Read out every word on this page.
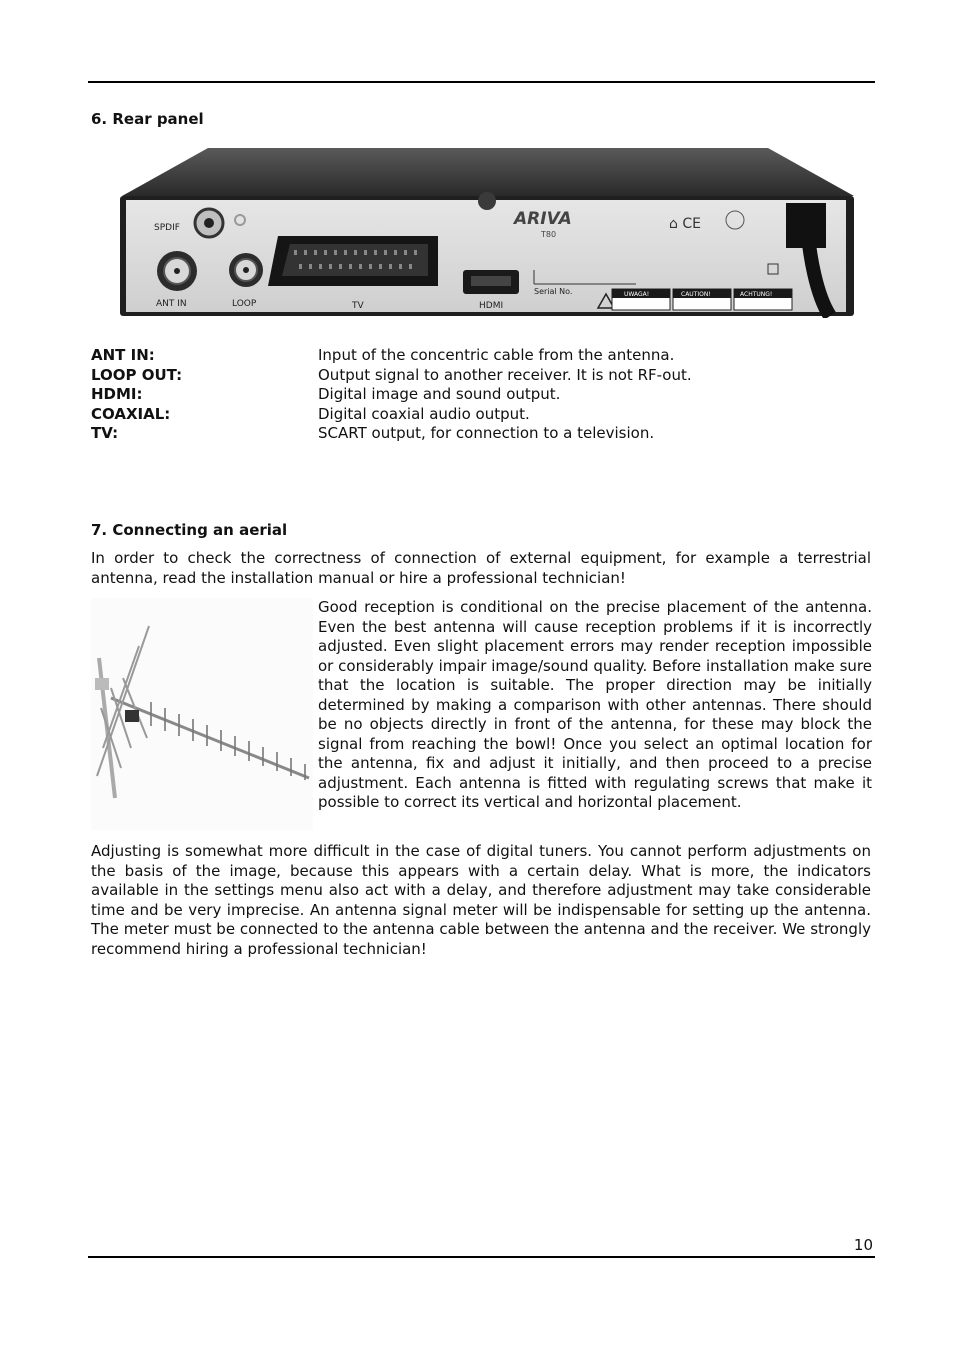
6. Rear panel
SPDIF
ANT IN	LOOP	TV	HDMI
ARIVA
T80
Serial No.
⌂ CE
UWAGA!	CAUTION!	ACHTUNG!
ANT IN:	Input of the concentric cable from the antenna.
LOOP OUT:	Output signal to another receiver. It is not RF-out.
HDMI:	Digital image and sound output.
COAXIAL:	Digital coaxial audio output.
TV:	SCART output, for connection to a television.
7. Connecting an aerial
In order to check the correctness of connection of external equipment, for example a terrestrial antenna, read the installation manual or hire a professional technician!
Good reception is conditional on the precise placement of the antenna. Even the best antenna will cause reception problems if it is incorrectly adjusted. Even slight placement errors may render reception impossible or considerably impair image/sound quality. Before installation make sure that the location is suitable. The proper direction may be initially determined by making a comparison with other antennas. There should be no objects directly in front of the antenna, for these may block the signal from reaching the bowl! Once you select an optimal location for the antenna, fix and adjust it initially, and then proceed to a precise adjustment. Each antenna is fitted with regulating screws that make it possible to correct its vertical and horizontal placement.
Adjusting is somewhat more difficult in the case of digital tuners. You cannot perform adjustments on the basis of the image, because this appears with a certain delay. What is more, the indicators available in the settings menu also act with a delay, and therefore adjustment may take considerable time and be very imprecise. An antenna signal meter will be indispensable for setting up the antenna. The meter must be connected to the antenna cable between the antenna and the receiver. We strongly recommend hiring a professional technician!
10
